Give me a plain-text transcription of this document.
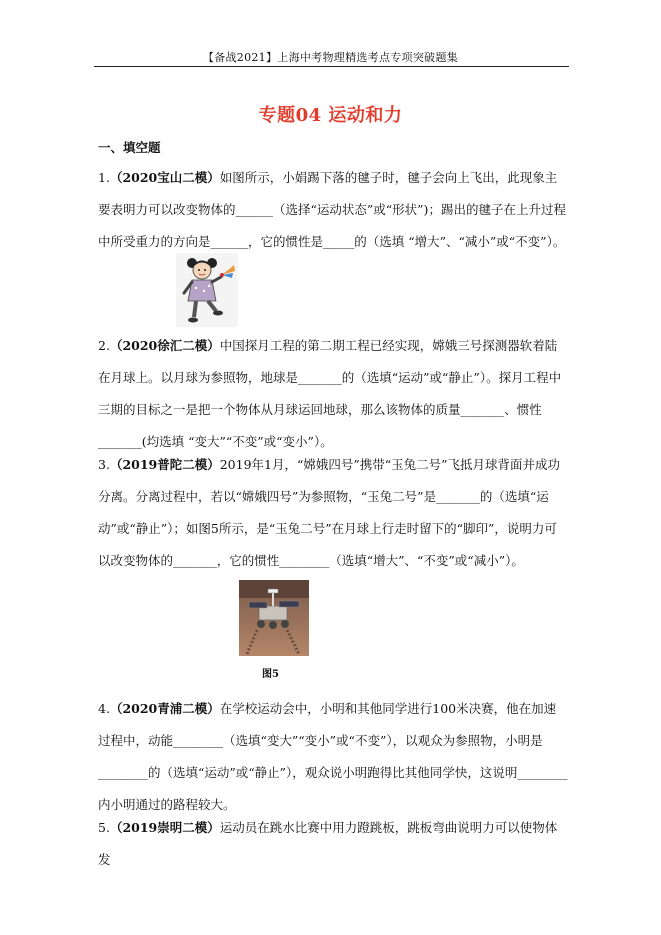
【备战2021】上海中考物理精选考点专项突破题集
专题04 运动和力
一、填空题
1.（2020宝山二模）如图所示，小娟踢下落的毽子时，毽子会向上飞出，此现象主要表明力可以改变物体的______（选择“运动状态”或“形状”)；踢出的毽子在上升过程中所受重力的方向是______，它的惯性是_____的（选填 “增大”、“减小”或“不变”）。
2.（2020徐汇二模）中国探月工程的第二期工程已经实现，嫦娥三号探测器软着陆在月球上。以月球为参照物，地球是_______的（选填“运动”或“静止”）。探月工程中三期的目标之一是把一个物体从月球运回地球，那么该物体的质量_______、惯性_______(均选填 “变大”“不变”或“变小”）。
3.（2019普陀二模）2019年1月，“嫦娥四号”携带“玉兔二号”飞抵月球背面并成功分离。分离过程中，若以“嫦娥四号”为参照物，“玉兔二号”是_______的（选填“运动”或“静止”）；如图5所示，是“玉兔二号”在月球上行走时留下的“脚印”，说明力可以改变物体的_______，它的惯性________（选填“增大”、“不变”或“减小”）。
图5
4.（2020青浦二模）在学校运动会中，小明和其他同学进行100米决赛，他在加速过程中，动能________（选填“变大”“变小”或“不变”），以观众为参照物，小明是________的（选填“运动”或“静止”），观众说小明跑得比其他同学快，这说明________内小明通过的路程较大。
5.（2019崇明二模）运动员在跳水比赛中用力蹬跳板，跳板弯曲说明力可以使物体发
